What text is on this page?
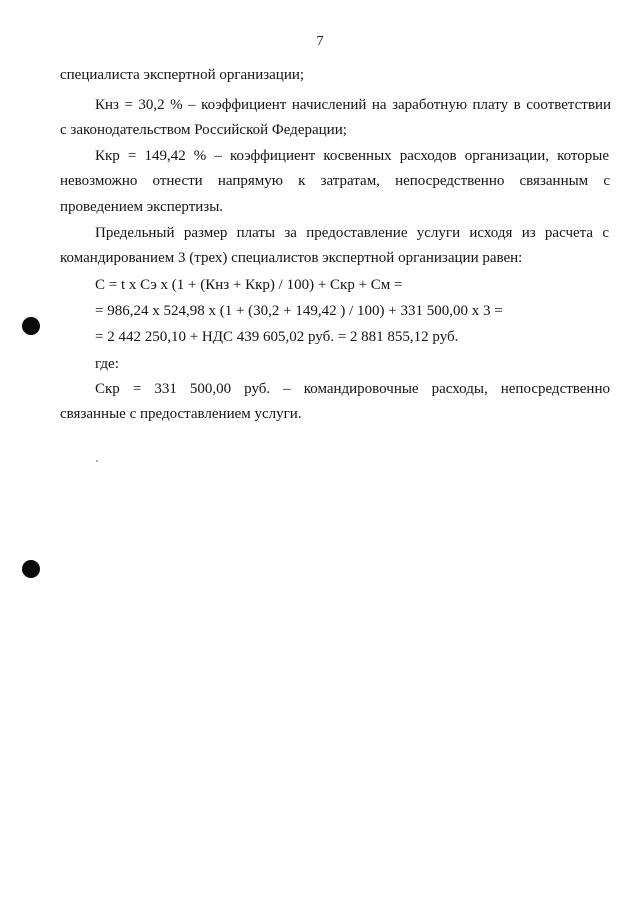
7
специалиста экспертной организации;
Кнз = 30,2 % – коэффициент начислений на заработную плату в соответствии
с законодательством Российской Федерации;
Ккр = 149,42 % – коэффициент косвенных расходов организации, которые
невозможно отнести напрямую к затратам, непосредственно связанным с
проведением экспертизы.
Предельный размер платы за предоставление услуги исходя из расчета с
командированием 3 (трех) специалистов экспертной организации равен:
С = t x Сэ x (1 + (Кнз + Ккр) / 100) + Скр + См =
= 986,24 x 524,98 x (1 + (30,2 + 149,42 ) / 100) + 331 500,00 x 3 =
= 2 442 250,10 + НДС 439 605,02 руб. = 2 881 855,12 руб.
где:
Скр = 331 500,00 руб. – командировочные расходы, непосредственно
связанные с предоставлением услуги.
